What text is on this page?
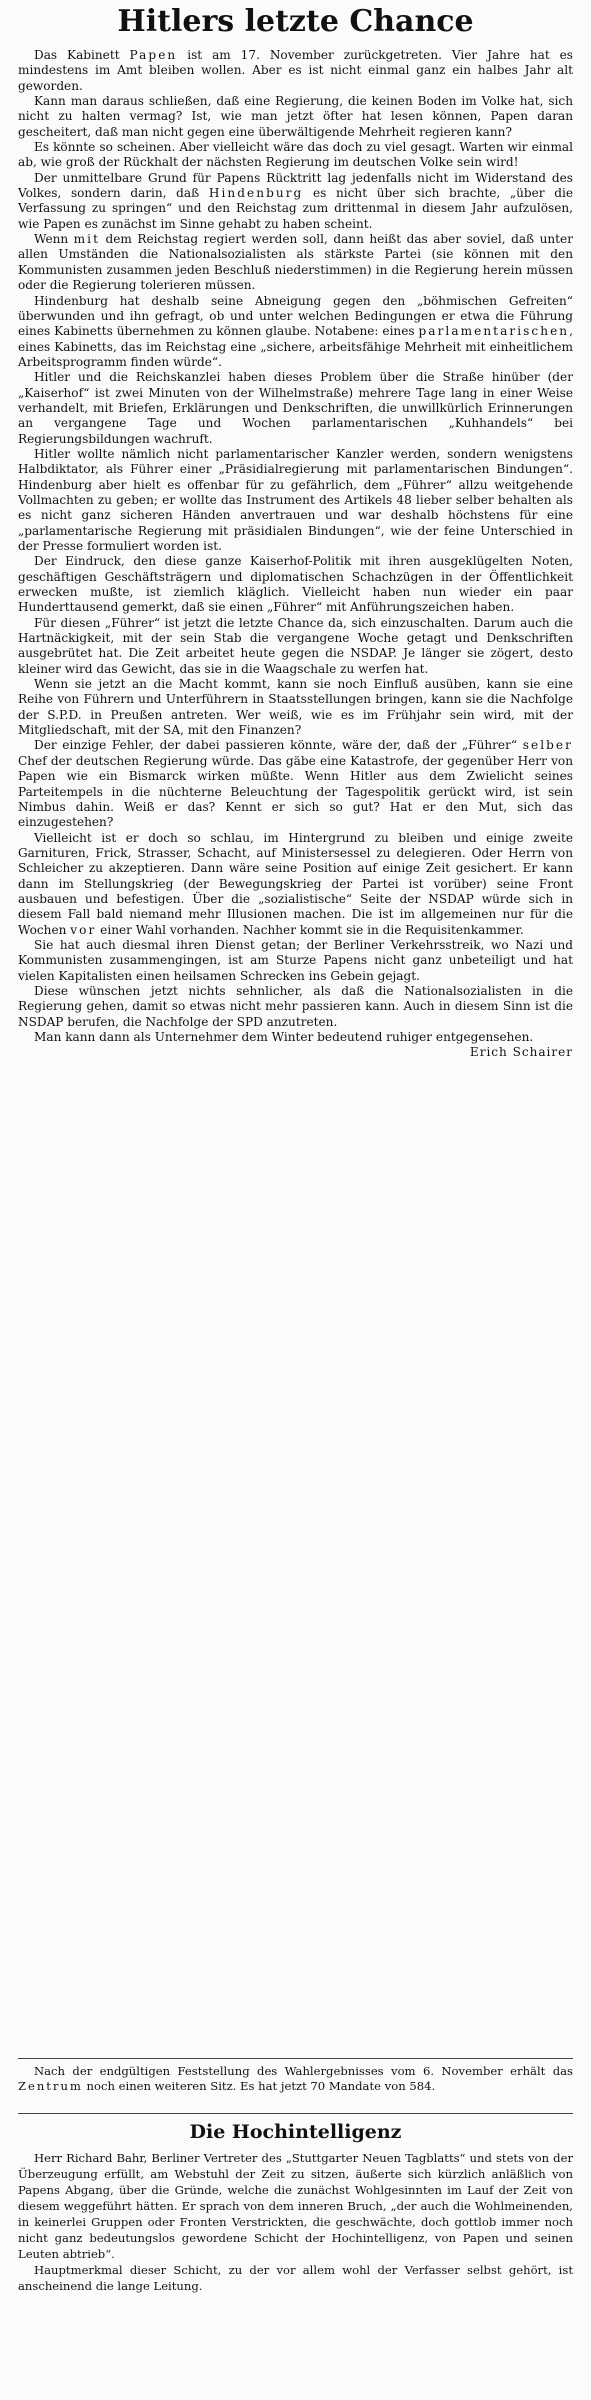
Hitlers letzte Chance

Das Kabinett Papen ist am 17. November zurückgetreten. Vier Jahre hat es mindestens im Amt bleiben wollen. Aber es ist nicht einmal ganz ein halbes Jahr alt geworden.

Kann man daraus schließen, daß eine Regierung, die keinen Boden im Volke hat, sich nicht zu halten vermag? Ist, wie man jetzt öfter hat lesen können, Papen daran gescheitert, daß man nicht gegen eine überwältigende Mehrheit regieren kann?

Es könnte so scheinen. Aber vielleicht wäre das doch zu viel gesagt. Warten wir einmal ab, wie groß der Rückhalt der nächsten Regierung im deutschen Volke sein wird!

Der unmittelbare Grund für Papens Rücktritt lag jedenfalls nicht im Widerstand des Volkes, sondern darin, daß Hindenburg es nicht über sich brachte, „über die Verfassung zu springen“ und den Reichstag zum drittenmal in diesem Jahr aufzulösen, wie Papen es zunächst im Sinne gehabt zu haben scheint.

Wenn mit dem Reichstag regiert werden soll, dann heißt das aber soviel, daß unter allen Umständen die Nationalsozialisten als stärkste Partei (sie können mit den Kommunisten zusammen jeden Beschluß niederstimmen) in die Regierung herein müssen oder die Regierung tolerieren müssen.

Hindenburg hat deshalb seine Abneigung gegen den „böhmischen Gefreiten“ überwunden und ihn gefragt, ob und unter welchen Bedingungen er etwa die Führung eines Kabinetts übernehmen zu können glaube. Notabene: eines parlamentarischen, eines Kabinetts, das im Reichstag eine „sichere, arbeitsfähige Mehrheit mit einheitlichem Arbeitsprogramm finden würde“.

Hitler und die Reichskanzlei haben dieses Problem über die Straße hinüber (der „Kaiserhof“ ist zwei Minuten von der Wilhelmstraße) mehrere Tage lang in einer Weise verhandelt, mit Briefen, Erklärungen und Denkschriften, die unwillkürlich Erinnerungen an vergangene Tage und Wochen parlamentarischen „Kuhhandels“ bei Regierungsbildungen wachruft.

Hitler wollte nämlich nicht parlamentarischer Kanzler werden, sondern wenigstens Halbdiktator, als Führer einer „Präsidialregierung mit parlamentarischen Bindungen“. Hindenburg aber hielt es offenbar für zu gefährlich, dem „Führer“ allzu weitgehende Vollmachten zu geben; er wollte das Instrument des Artikels 48 lieber selber behalten als es nicht ganz sicheren Händen anvertrauen und war deshalb höchstens für eine „parlamentarische Regierung mit präsidialen Bindungen“, wie der feine Unterschied in der Presse formuliert worden ist.

Der Eindruck, den diese ganze Kaiserhof-Politik mit ihren ausgeklügelten Noten, geschäftigen Geschäftsträgern und diplomatischen Schachzügen in der Öffentlichkeit erwecken mußte, ist ziemlich kläglich. Vielleicht haben nun wieder ein paar Hunderttausend gemerkt, daß sie einen „Führer“ mit Anführungszeichen haben.

Für diesen „Führer“ ist jetzt die letzte Chance da, sich einzuschalten. Darum auch die Hartnäckigkeit, mit der sein Stab die vergangene Woche getagt und Denkschriften ausgebrütet hat. Die Zeit arbeitet heute gegen die NSDAP. Je länger sie zögert, desto kleiner wird das Gewicht, das sie in die Waagschale zu werfen hat.

Wenn sie jetzt an die Macht kommt, kann sie noch Einfluß ausüben, kann sie eine Reihe von Führern und Unterführern in Staatsstellungen bringen, kann sie die Nachfolge der S.P.D. in Preußen antreten. Wer weiß, wie es im Frühjahr sein wird, mit der Mitgliedschaft, mit der SA, mit den Finanzen?

Der einzige Fehler, der dabei passieren könnte, wäre der, daß der „Führer“ selber Chef der deutschen Regierung würde. Das gäbe eine Katastrofe, der gegenüber Herr von Papen wie ein Bismarck wirken müßte. Wenn Hitler aus dem Zwielicht seines Parteitempels in die nüchterne Beleuchtung der Tagespolitik gerückt wird, ist sein Nimbus dahin. Weiß er das? Kennt er sich so gut? Hat er den Mut, sich das einzugestehen?

Vielleicht ist er doch so schlau, im Hintergrund zu bleiben und einige zweite Garnituren, Frick, Strasser, Schacht, auf Ministersessel zu delegieren. Oder Herrn von Schleicher zu akzeptieren. Dann wäre seine Position auf einige Zeit gesichert. Er kann dann im Stellungskrieg (der Bewegungskrieg der Partei ist vorüber) seine Front ausbauen und befestigen. Über die „sozialistische“ Seite der NSDAP würde sich in diesem Fall bald niemand mehr Illusionen machen. Die ist im allgemeinen nur für die Wochen vor einer Wahl vorhanden. Nachher kommt sie in die Requisitenkammer.

Sie hat auch diesmal ihren Dienst getan; der Berliner Verkehrsstreik, wo Nazi und Kommunisten zusammengingen, ist am Sturze Papens nicht ganz unbeteiligt und hat vielen Kapitalisten einen heilsamen Schrecken ins Gebein gejagt.

Diese wünschen jetzt nichts sehnlicher, als daß die Nationalsozialisten in die Regierung gehen, damit so etwas nicht mehr passieren kann. Auch in diesem Sinn ist die NSDAP berufen, die Nachfolge der SPD anzutreten.

Man kann dann als Unternehmer dem Winter bedeutend ruhiger entgegensehen.
Erich Schairer

Nach der endgültigen Feststellung des Wahlergebnisses vom 6. November erhält das Zentrum noch einen weiteren Sitz. Es hat jetzt 70 Mandate von 584.

Die Hochintelligenz

Herr Richard Bahr, Berliner Vertreter des „Stuttgarter Neuen Tagblatts“ und stets von der Überzeugung erfüllt, am Webstuhl der Zeit zu sitzen, äußerte sich kürzlich anläßlich von Papens Abgang, über die Gründe, welche die zunächst Wohlgesinnten im Lauf der Zeit von diesem weggeführt hätten. Er sprach von dem inneren Bruch, „der auch die Wohlmeinenden, in keinerlei Gruppen oder Fronten Verstrickten, die geschwächte, doch gottlob immer noch nicht ganz bedeutungslos gewordene Schicht der Hochintelligenz, von Papen und seinen Leuten abtrieb“.

Hauptmerkmal dieser Schicht, zu der vor allem wohl der Verfasser selbst gehört, ist anscheinend die lange Leitung.
